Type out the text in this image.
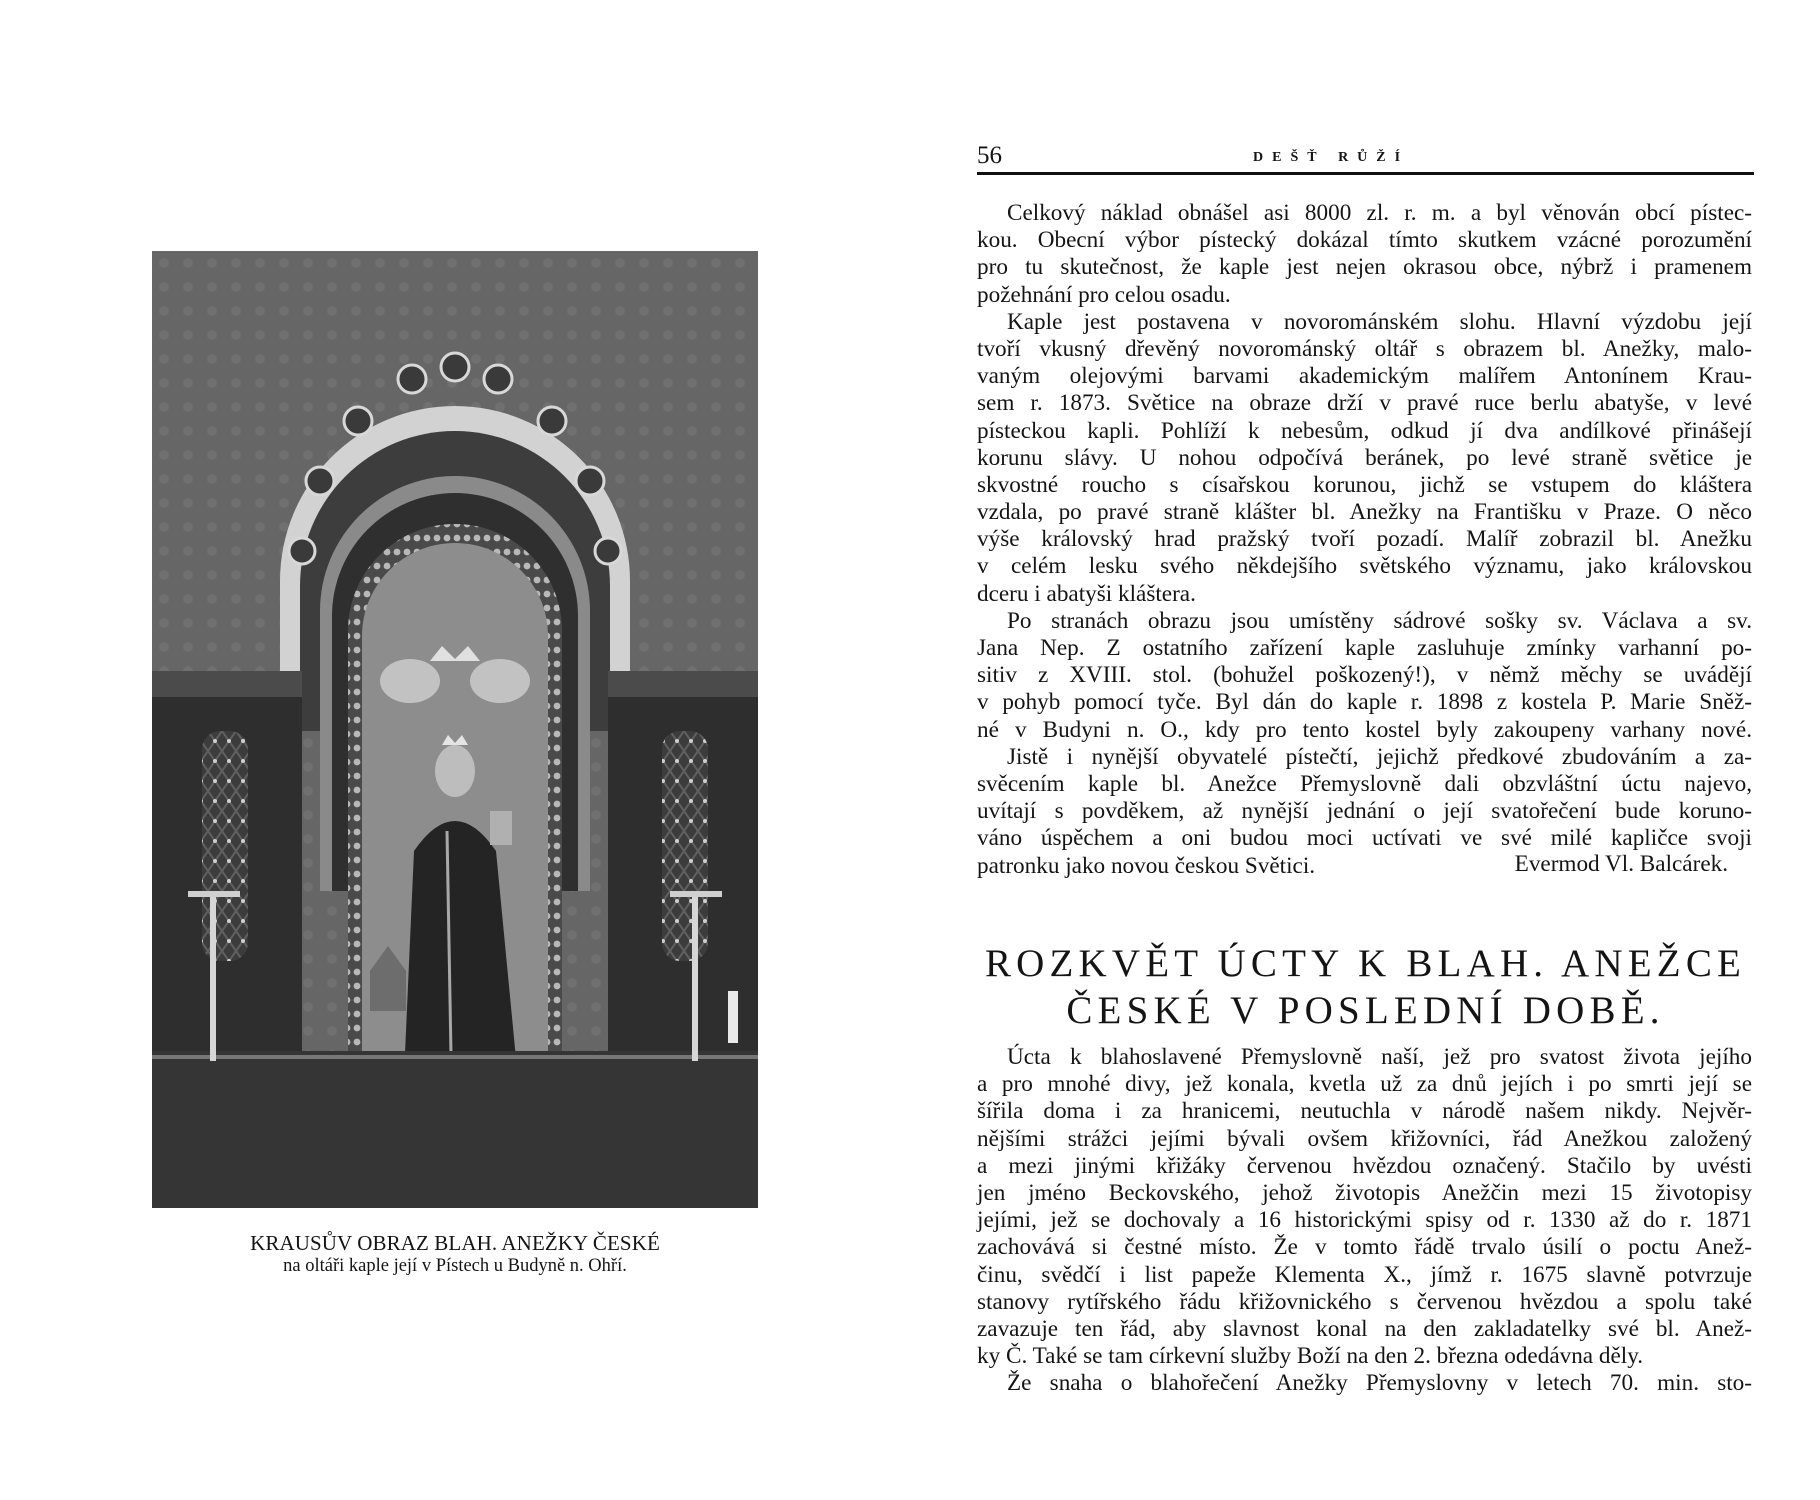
KRAUSŮV OBRAZ BLAH. ANEŽKY ČESKÉ
na oltáři kaple její v Pístech u Budyně n. Ohří.
56	DEŠŤ RŮŽÍ
Celkový náklad obnášel asi 8000 zl. r. m. a byl věnován obcí pístec-
kou. Obecní výbor pístecký dokázal tímto skutkem vzácné porozumění
pro tu skutečnost, že kaple jest nejen okrasou obce, nýbrž i pramenem
požehnání pro celou osadu.
Kaple jest postavena v novorománském slohu. Hlavní výzdobu její
tvoří vkusný dřevěný novorománský oltář s obrazem bl. Anežky, malo-
vaným olejovými barvami akademickým malířem Antonínem Krau-
sem r. 1873. Světice na obraze drží v pravé ruce berlu abatyše, v levé
písteckou kapli. Pohlíží k nebesům, odkud jí dva andílkové přinášejí
korunu slávy. U nohou odpočívá beránek, po levé straně světice je
skvostné roucho s císařskou korunou, jichž se vstupem do kláštera
vzdala, po pravé straně klášter bl. Anežky na Františku v Praze. O něco
výše královský hrad pražský tvoří pozadí. Malíř zobrazil bl. Anežku
v celém lesku svého někdejšího světského významu, jako královskou
dceru i abatyši kláštera.
Po stranách obrazu jsou umístěny sádrové sošky sv. Václava a sv.
Jana Nep. Z ostatního zařízení kaple zasluhuje zmínky varhanní po-
sitiv z XVIII. stol. (bohužel poškozený!), v němž měchy se uvádějí
v pohyb pomocí tyče. Byl dán do kaple r. 1898 z kostela P. Marie Sněž-
né v Budyni n. O., kdy pro tento kostel byly zakoupeny varhany nové.
Jistě i nynější obyvatelé pístečtí, jejichž předkové zbudováním a za-
svěcením kaple bl. Anežce Přemyslovně dali obzvláštní úctu najevo,
uvítají s povděkem, až nynější jednání o její svatořečení bude koruno-
váno úspěchem a oni budou moci uctívati ve své milé kapličce svoji
patronku jako novou českou Světici.	Evermod Vl. Balcárek.
ROZKVĚT ÚCTY K BLAH. ANEŽCE
ČESKÉ V POSLEDNÍ DOBĚ.
Úcta k blahoslavené Přemyslovně naší, jež pro svatost života jejího
a pro mnohé divy, jež konala, kvetla už za dnů jejích i po smrti její se
šířila doma i za hranicemi, neutuchla v národě našem nikdy. Nejvěr-
nějšími strážci jejími bývali ovšem křižovníci, řád Anežkou založený
a mezi jinými křižáky červenou hvězdou označený. Stačilo by uvésti
jen jméno Beckovského, jehož životopis Anežčin mezi 15 životopisy
jejími, jež se dochovaly a 16 historickými spisy od r. 1330 až do r. 1871
zachovává si čestné místo. Že v tomto řádě trvalo úsilí o poctu Anež-
činu, svědčí i list papeže Klementa X., jímž r. 1675 slavně potvrzuje
stanovy rytířského řádu křižovnického s červenou hvězdou a spolu také
zavazuje ten řád, aby slavnost konal na den zakladatelky své bl. Anež-
ky Č. Také se tam církevní služby Boží na den 2. března odedávna děly.
Že snaha o blahořečení Anežky Přemyslovny v letech 70. min. sto-
